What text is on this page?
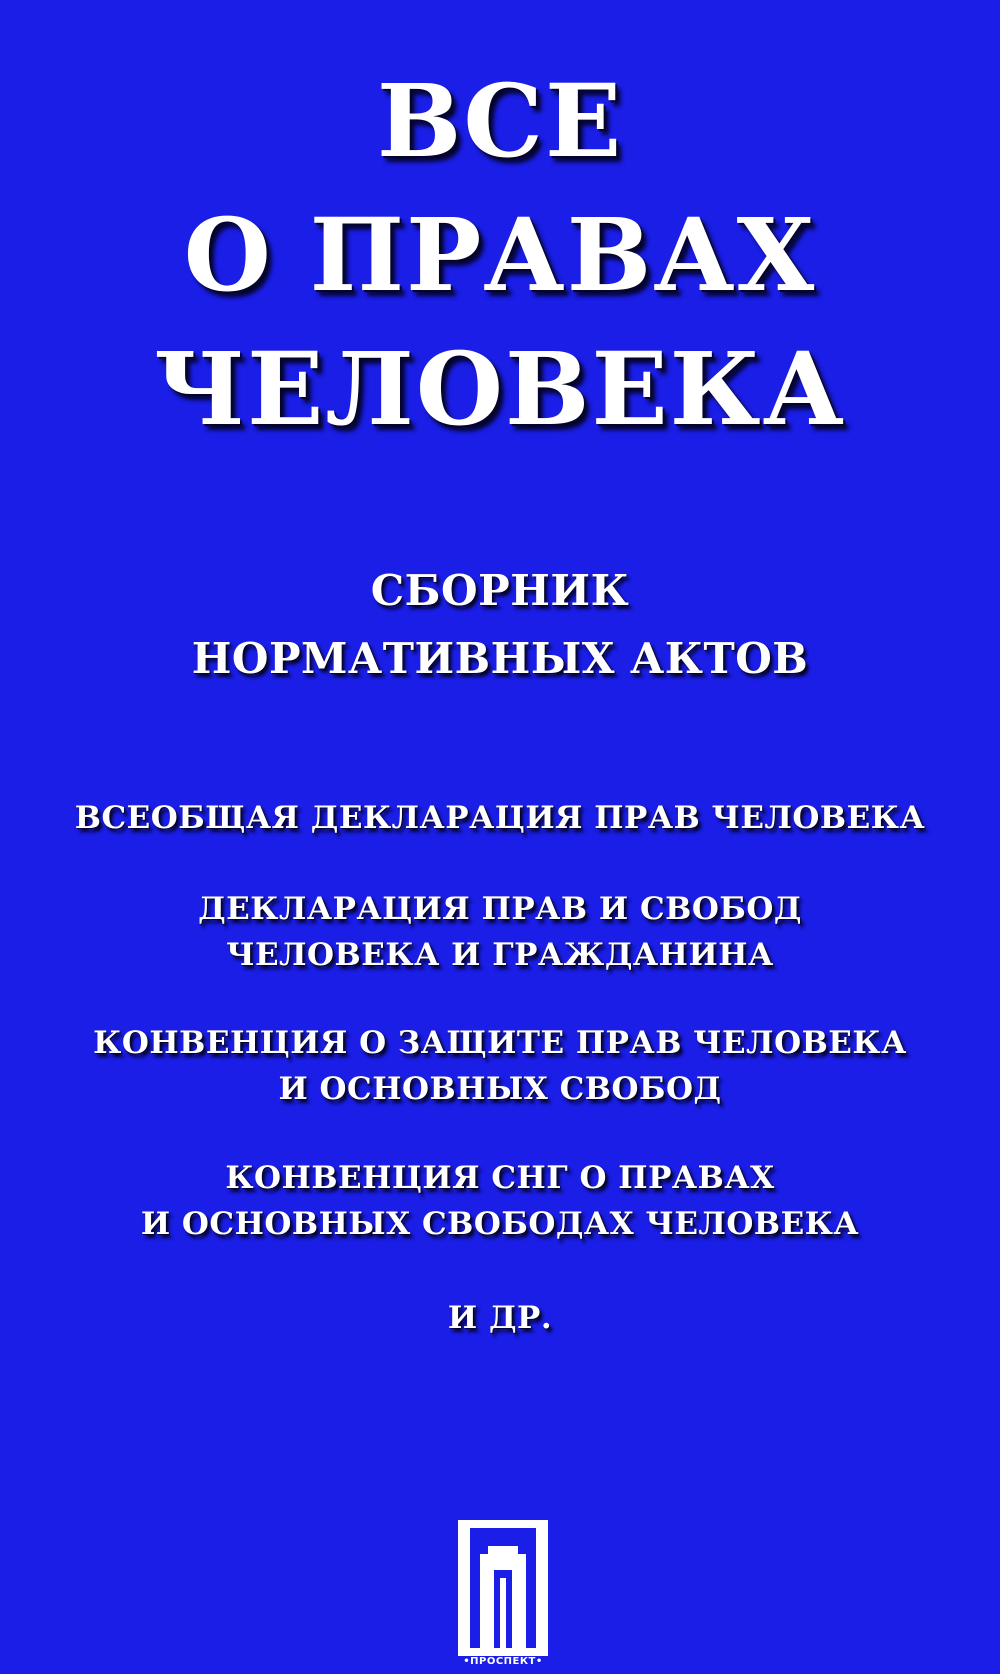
ВСЕ
О ПРАВАХ
ЧЕЛОВЕКА
СБОРНИК
НОРМАТИВНЫХ АКТОВ
ВСЕОБЩАЯ ДЕКЛАРАЦИЯ ПРАВ ЧЕЛОВЕКА
ДЕКЛАРАЦИЯ ПРАВ И СВОБОД
ЧЕЛОВЕКА И ГРАЖДАНИНА
КОНВЕНЦИЯ О ЗАЩИТЕ ПРАВ ЧЕЛОВЕКА
И ОСНОВНЫХ СВОБОД
КОНВЕНЦИЯ СНГ О ПРАВАХ
И ОСНОВНЫХ СВОБОДАХ ЧЕЛОВЕКА
И ДР.
•ПРОСПЕКТ•
